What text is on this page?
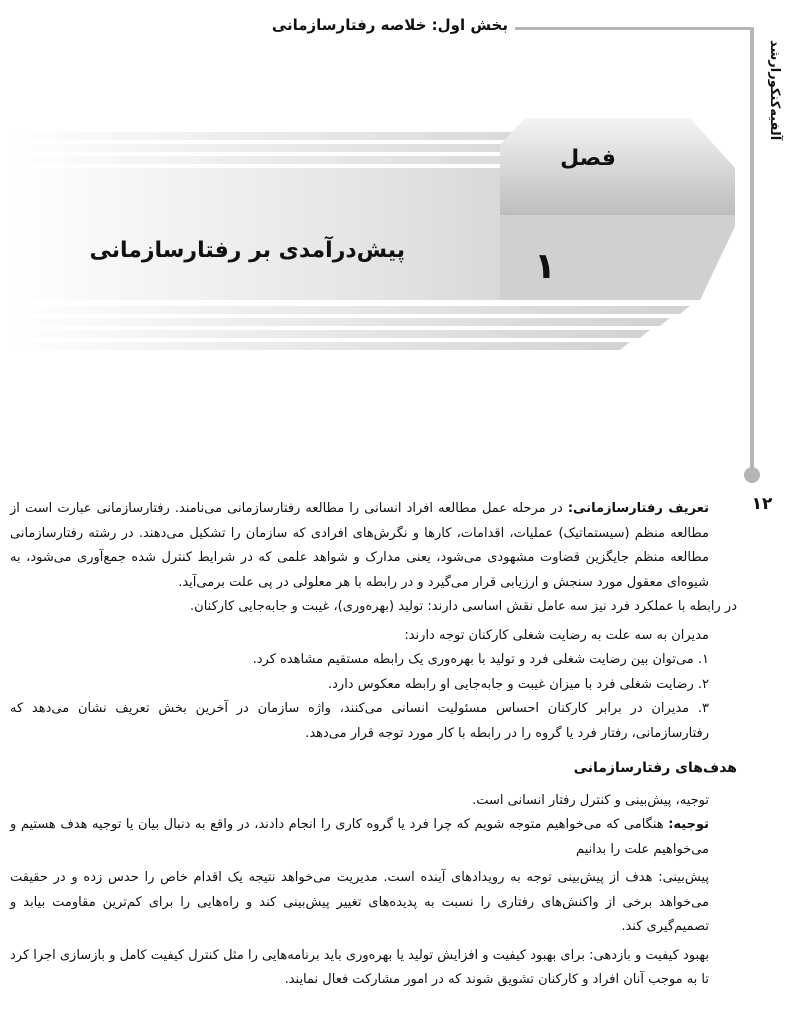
بخش اول: خلاصه رفتارسازمانی
آلفیه‌کنکور‌ارشد
۱۲
فصل
۱
پیش‌درآمدی بر رفتارسازمانی

تعریف رفتارسازمانی: در مرحله عمل مطالعه افراد انسانی را مطالعه رفتارسازمانی می‌نامند. رفتارسازمانی عبارت است از مطالعه منظم (سیستماتیک) عملیات، اقدامات، کارها و نگرش‌های افرادی که سازمان را تشکیل می‌دهند. در رشته رفتارسازمانی مطالعه منظم جایگزین قضاوت مشهودی می‌شود، یعنی مدارک و شواهد علمی که در شرایط کنترل شده جمع‌آوری می‌شود، به شیوه‌ای معقول مورد سنجش و ارزیابی قرار می‌گیرد و در رابطه با هر معلولی در پی علت برمی‌آید.

در رابطه با عملکرد فرد نیز سه عامل نقش اساسی دارند: تولید (بهره‌وری)، غیبت و جابه‌جایی کارکنان.

مدیران به سه علت به رضایت شغلی کارکنان توجه دارند:

۱. می‌توان بین رضایت شغلی فرد و تولید با بهره‌وری یک رابطه مستقیم مشاهده کرد.

۲. رضایت شغلی فرد با میزان غیبت و جابه‌جایی او رابطه معکوس دارد.

۳. مدیران در برابر کارکنان احساس مسئولیت انسانی می‌کنند، واژه سازمان در آخرین بخش تعریف نشان می‌دهد که رفتارسازمانی، رفتار فرد یا گروه را در رابطه با کار مورد توجه قرار می‌دهد.

هدف‌های رفتارسازمانی

توجیه، پیش‌بینی و کنترل رفتار انسانی است.

توجیه: هنگامی که می‌خواهیم متوجه شویم که چرا فرد یا گروه کاری را انجام دادند، در واقع به دنبال بیان یا توجیه هدف هستیم و می‌خواهیم علت را بدانیم

پیش‌بینی: هدف از پیش‌بینی توجه به رویدادهای آینده است. مدیریت می‌خواهد نتیجه یک اقدام خاص را حدس زده و در حقیقت می‌خواهد برخی از واکنش‌های رفتاری را نسبت به پدیده‌های تغییر پیش‌بینی کند و راه‌هایی را برای کم‌ترین مقاومت بیابد و تصمیم‌گیری کند.

بهبود کیفیت و بازدهی: برای بهبود کیفیت و افزایش تولید یا بهره‌وری باید برنامه‌هایی را مثل کنترل کیفیت کامل و بازسازی اجرا کرد تا به موجب آنان افراد و کارکنان تشویق شوند که در امور مشارکت فعال نمایند.
